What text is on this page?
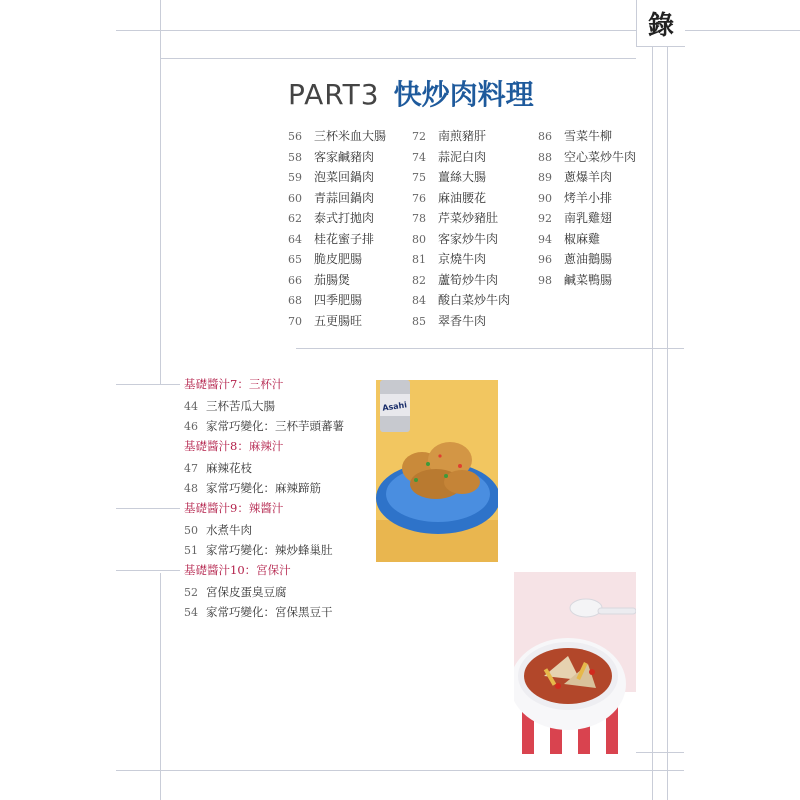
錄
PART3 快炒肉料理
56 三杯米血大腸
58 客家鹹豬肉
59 泡菜回鍋肉
60 青蒜回鍋肉
62 泰式打拋肉
64 桂花蜜子排
65 脆皮肥腸
66 茄腸煲
68 四季肥腸
70 五更腸旺
72 南煎豬肝
74 蒜泥白肉
75 薑絲大腸
76 麻油腰花
78 芹菜炒豬肚
80 客家炒牛肉
81 京燒牛肉
82 蘆筍炒牛肉
84 酸白菜炒牛肉
85 翠香牛肉
86 雪菜牛柳
88 空心菜炒牛肉
89 蔥爆羊肉
90 烤羊小排
92 南乳雞翅
94 椒麻雞
96 蔥油鵝腸
98 鹹菜鴨腸
基礎醬汁7：三杯汁
44 三杯苦瓜大腸
46 家常巧變化：三杯芋頭蕃薯
基礎醬汁8：麻辣汁
47 麻辣花枝
48 家常巧變化：麻辣蹄筋
基礎醬汁9：辣醬汁
50 水煮牛肉
51 家常巧變化：辣炒蜂巢肚
基礎醬汁10：宮保汁
52 宮保皮蛋臭豆腐
54 家常巧變化：宮保黑豆干
Asahi
